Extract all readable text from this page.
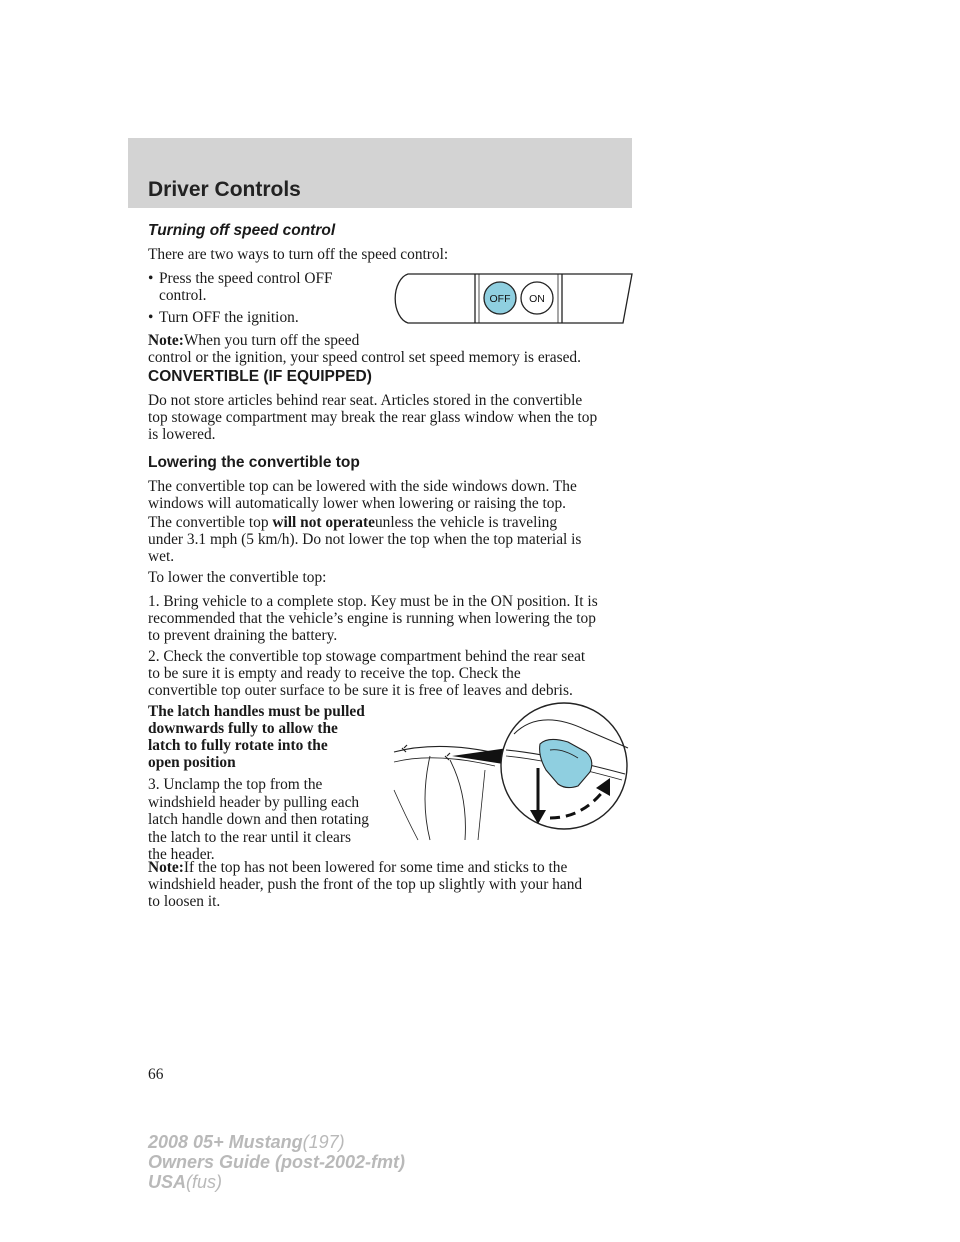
Driver Controls

Turning off speed control

There are two ways to turn off the speed control:

• Press the speed control OFF
control.
• Turn OFF the ignition.

Note:When you turn off the speed
control or the ignition, your speed control set speed memory is erased.

OFF ON

CONVERTIBLE (IF EQUIPPED)

Do not store articles behind rear seat. Articles stored in the convertible
top stowage compartment may break the rear glass window when the top
is lowered.

Lowering the convertible top

The convertible top can be lowered with the side windows down. The
windows will automatically lower when lowering or raising the top.

The convertible top will not operateunless the vehicle is traveling
under 3.1 mph (5 km/h). Do not lower the top when the top material is
wet.

To lower the convertible top:

1. Bring vehicle to a complete stop. Key must be in the ON position. It is
recommended that the vehicle’s engine is running when lowering the top
to prevent draining the battery.

2. Check the convertible top stowage compartment behind the rear seat
to be sure it is empty and ready to receive the top. Check the
convertible top outer surface to be sure it is free of leaves and debris.

The latch handles must be pulled
downwards fully to allow the
latch to fully rotate into the
open position

3. Unclamp the top from the
windshield header by pulling each
latch handle down and then rotating
the latch to the rear until it clears
the header.

Note:If the top has not been lowered for some time and sticks to the
windshield header, push the front of the top up slightly with your hand
to loosen it.

66
2008 05+ Mustang(197)
Owners Guide (post-2002-fmt)
USA(fus)
